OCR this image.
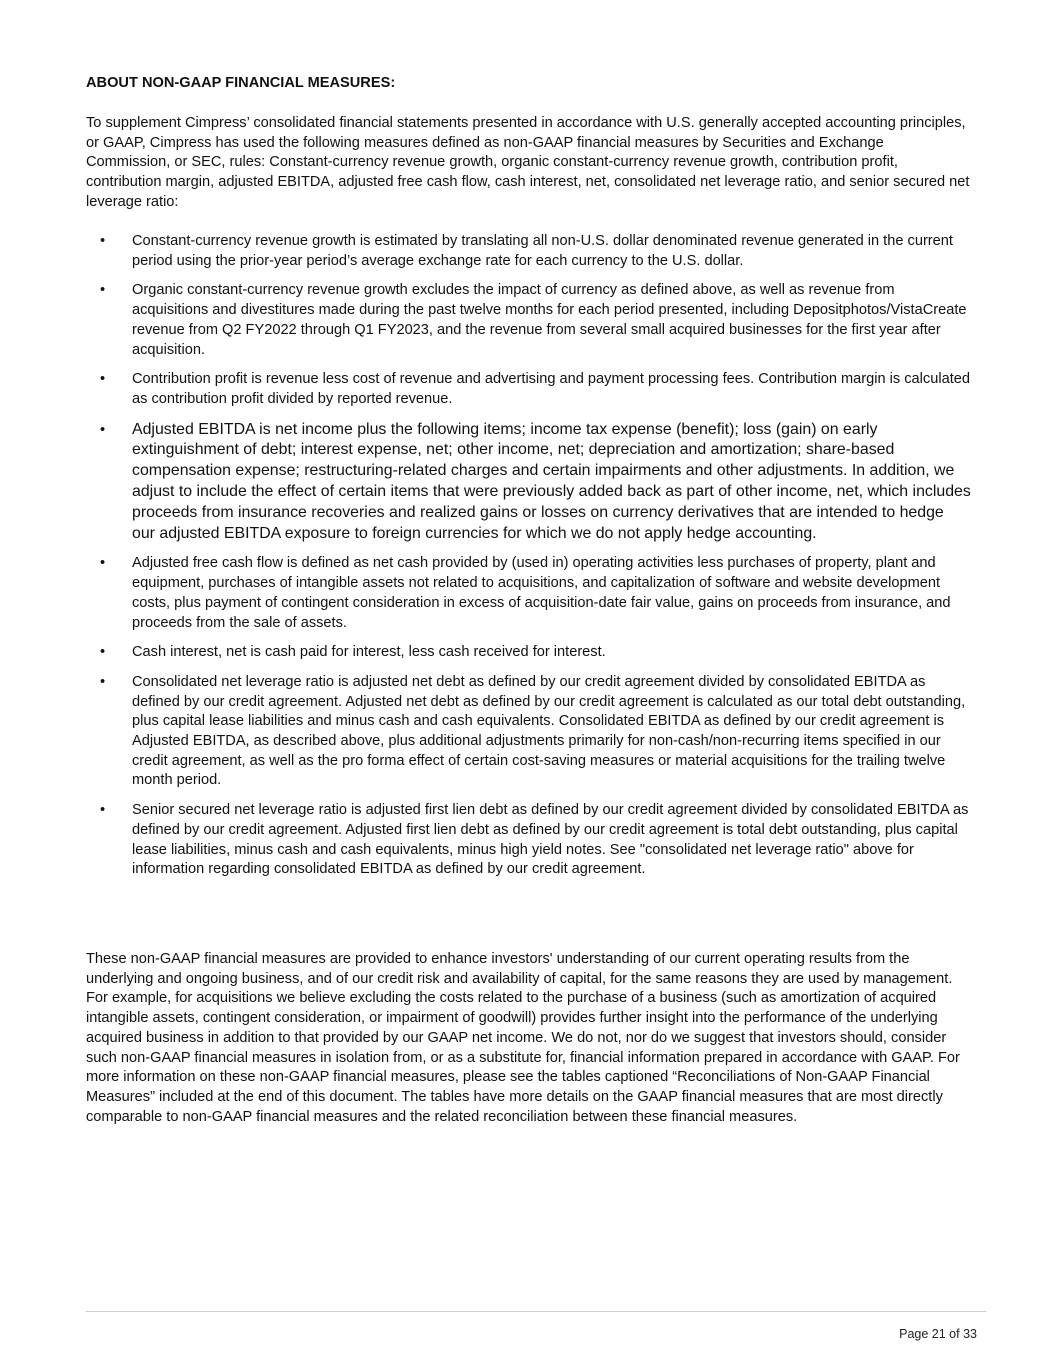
ABOUT NON-GAAP FINANCIAL MEASURES:

To supplement Cimpress’ consolidated financial statements presented in accordance with U.S. generally accepted accounting principles, or GAAP, Cimpress has used the following measures defined as non-GAAP financial measures by Securities and Exchange Commission, or SEC, rules: Constant-currency revenue growth, organic constant-currency revenue growth, contribution profit, contribution margin, adjusted EBITDA, adjusted free cash flow, cash interest, net, consolidated net leverage ratio, and senior secured net leverage ratio:

• Constant-currency revenue growth is estimated by translating all non-U.S. dollar denominated revenue generated in the current period using the prior-year period’s average exchange rate for each currency to the U.S. dollar.
• Organic constant-currency revenue growth excludes the impact of currency as defined above, as well as revenue from acquisitions and divestitures made during the past twelve months for each period presented, including Depositphotos/VistaCreate revenue from Q2 FY2022 through Q1 FY2023, and the revenue from several small acquired businesses for the first year after acquisition.
• Contribution profit is revenue less cost of revenue and advertising and payment processing fees. Contribution margin is calculated as contribution profit divided by reported revenue.
• Adjusted EBITDA is net income plus the following items; income tax expense (benefit); loss (gain) on early extinguishment of debt; interest expense, net; other income, net; depreciation and amortization; share-based compensation expense; restructuring-related charges and certain impairments and other adjustments. In addition, we adjust to include the effect of certain items that were previously added back as part of other income, net, which includes proceeds from insurance recoveries and realized gains or losses on currency derivatives that are intended to hedge our adjusted EBITDA exposure to foreign currencies for which we do not apply hedge accounting.
• Adjusted free cash flow is defined as net cash provided by (used in) operating activities less purchases of property, plant and equipment, purchases of intangible assets not related to acquisitions, and capitalization of software and website development costs, plus payment of contingent consideration in excess of acquisition-date fair value, gains on proceeds from insurance, and proceeds from the sale of assets.
• Cash interest, net is cash paid for interest, less cash received for interest.
• Consolidated net leverage ratio is adjusted net debt as defined by our credit agreement divided by consolidated EBITDA as defined by our credit agreement. Adjusted net debt as defined by our credit agreement is calculated as our total debt outstanding, plus capital lease liabilities and minus cash and cash equivalents. Consolidated EBITDA as defined by our credit agreement is Adjusted EBITDA, as described above, plus additional adjustments primarily for non-cash/non-recurring items specified in our credit agreement, as well as the pro forma effect of certain cost-saving measures or material acquisitions for the trailing twelve month period.
• Senior secured net leverage ratio is adjusted first lien debt as defined by our credit agreement divided by consolidated EBITDA as defined by our credit agreement. Adjusted first lien debt as defined by our credit agreement is total debt outstanding, plus capital lease liabilities, minus cash and cash equivalents, minus high yield notes. See "consolidated net leverage ratio" above for information regarding consolidated EBITDA as defined by our credit agreement.

These non-GAAP financial measures are provided to enhance investors' understanding of our current operating results from the underlying and ongoing business, and of our credit risk and availability of capital, for the same reasons they are used by management. For example, for acquisitions we believe excluding the costs related to the purchase of a business (such as amortization of acquired intangible assets, contingent consideration, or impairment of goodwill) provides further insight into the performance of the underlying acquired business in addition to that provided by our GAAP net income. We do not, nor do we suggest that investors should, consider such non-GAAP financial measures in isolation from, or as a substitute for, financial information prepared in accordance with GAAP. For more information on these non-GAAP financial measures, please see the tables captioned “Reconciliations of Non-GAAP Financial Measures” included at the end of this document. The tables have more details on the GAAP financial measures that are most directly comparable to non-GAAP financial measures and the related reconciliation between these financial measures.

Page 21 of 33
